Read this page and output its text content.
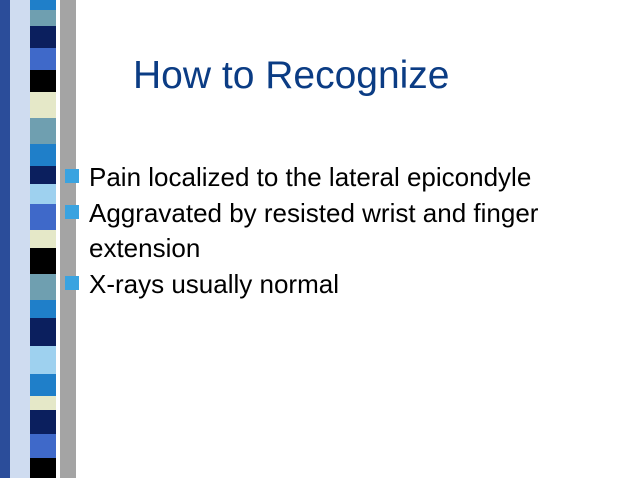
How to Recognize
Pain localized to the lateral epicondyle
Aggravated by resisted wrist and finger extension
X-rays usually normal
